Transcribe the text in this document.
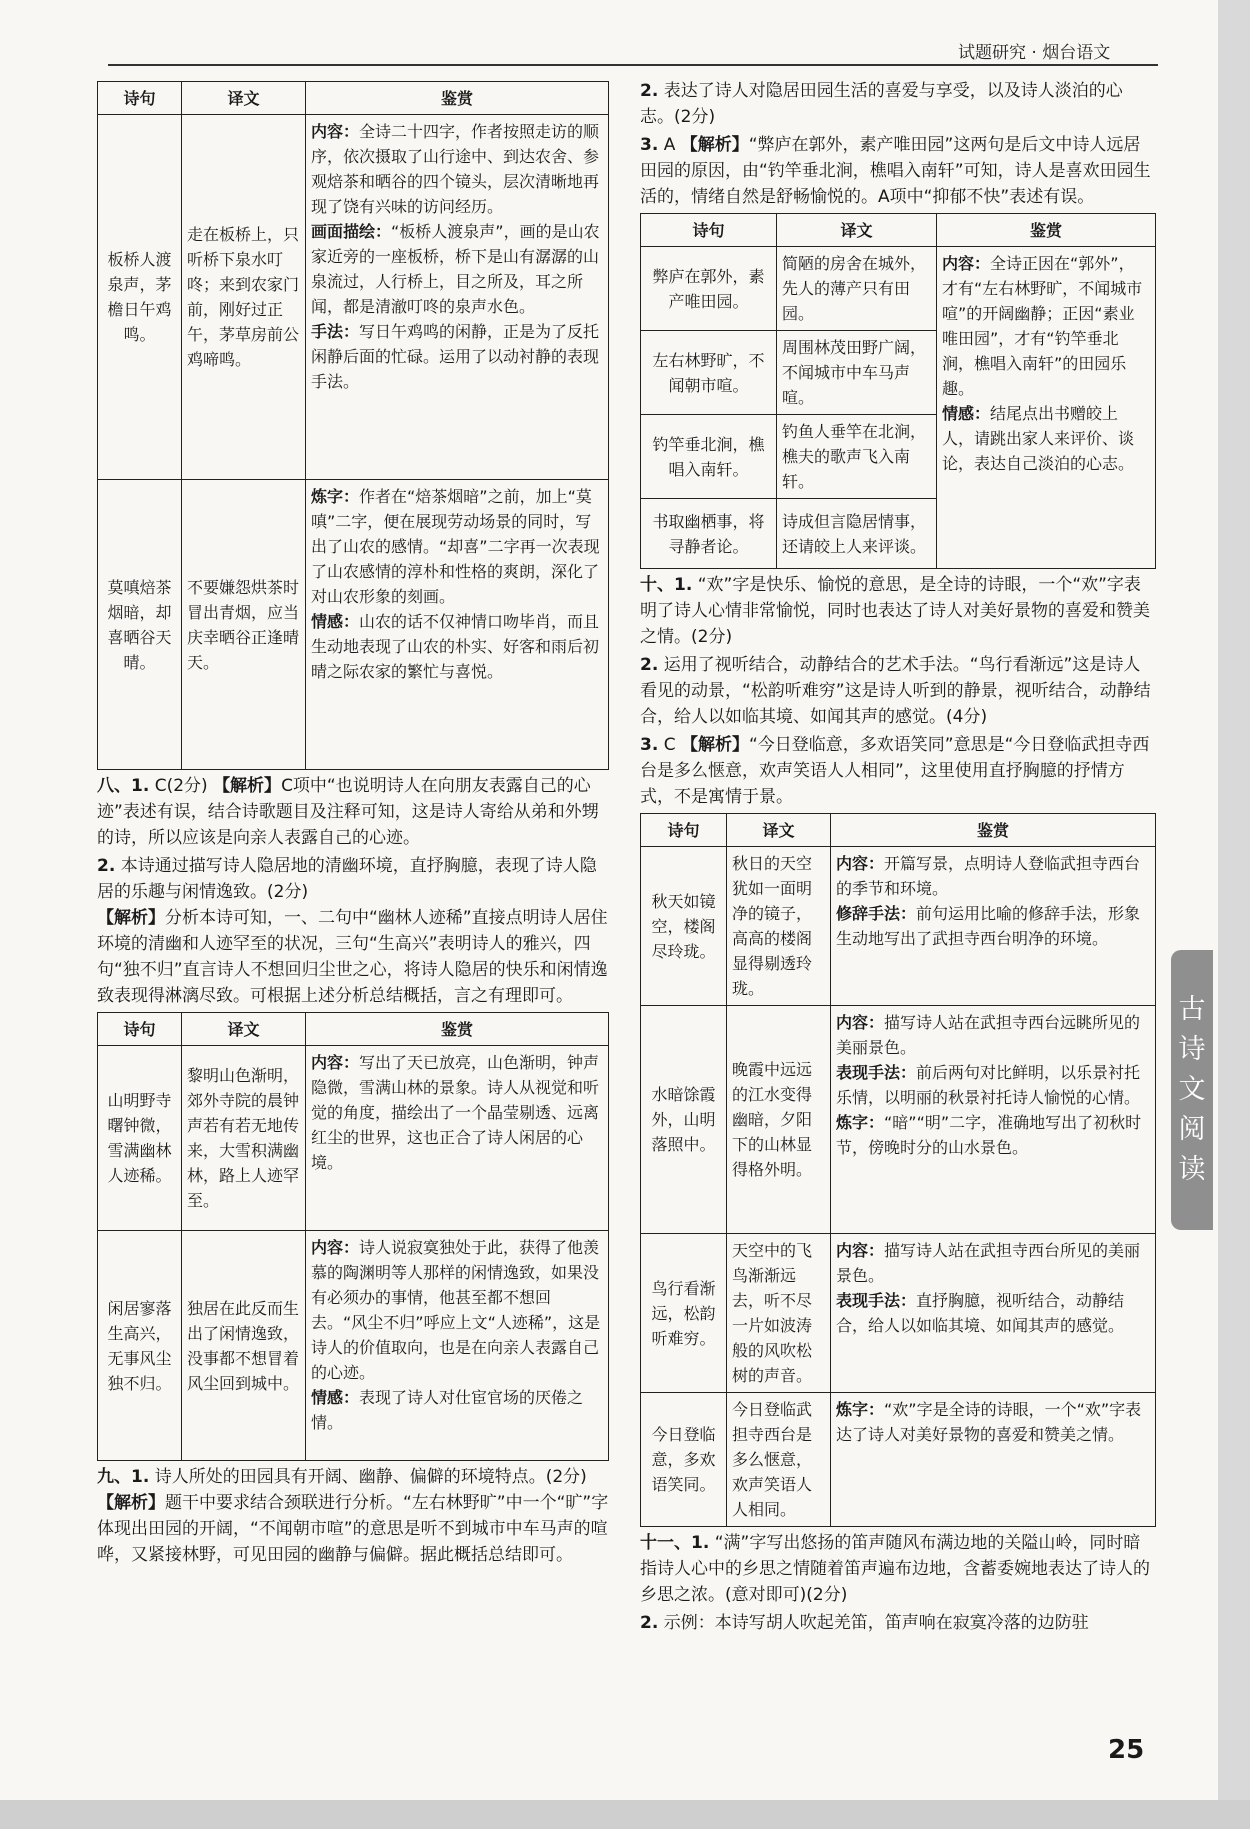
试题研究 · 烟台语文
诗句	译文	鉴赏
板桥人渡泉声，茅檐日午鸡鸣。	走在板桥上，只听桥下泉水叮咚；来到农家门前，刚好过正午，茅草房前公鸡啼鸣。	内容：全诗二十四字，作者按照走访的顺序，依次摄取了山行途中、到达农舍、参观焙茶和晒谷的四个镜头，层次清晰地再现了饶有兴味的访问经历。
画面描绘：“板桥人渡泉声”，画的是山农家近旁的一座板桥，桥下是山有潺潺的山泉流过，人行桥上，目之所及，耳之所闻，都是清澈叮咚的泉声水色。
手法：写日午鸡鸣的闲静，正是为了反托闲静后面的忙碌。运用了以动衬静的表现手法。
莫嗔焙茶烟暗，却喜晒谷天晴。	不要嫌怨烘茶时冒出青烟，应当庆幸晒谷正逢晴天。	炼字：作者在“焙茶烟暗”之前，加上“莫嗔”二字，便在展现劳动场景的同时，写出了山农的感情。“却喜”二字再一次表现了山农感情的淳朴和性格的爽朗，深化了对山农形象的刻画。
情感：山农的话不仅神情口吻毕肖，而且生动地表现了山农的朴实、好客和雨后初晴之际农家的繁忙与喜悦。

八、1. C(2分) 【解析】C项中“也说明诗人在向朋友表露自己的心迹”表述有误，结合诗歌题目及注释可知，这是诗人寄给从弟和外甥的诗，所以应该是向亲人表露自己的心迹。

2. 本诗通过描写诗人隐居地的清幽环境，直抒胸臆，表现了诗人隐居的乐趣与闲情逸致。(2分)
【解析】分析本诗可知，一、二句中“幽林人迹稀”直接点明诗人居住环境的清幽和人迹罕至的状况，三句“生高兴”表明诗人的雅兴，四句“独不归”直言诗人不想回归尘世之心，将诗人隐居的快乐和闲情逸致表现得淋漓尽致。可根据上述分析总结概括，言之有理即可。

诗句	译文	鉴赏
山明野寺曙钟微，雪满幽林人迹稀。	黎明山色渐明，郊外寺院的晨钟声若有若无地传来，大雪积满幽林，路上人迹罕至。	内容：写出了天已放亮，山色渐明，钟声隐微，雪满山林的景象。诗人从视觉和听觉的角度，描绘出了一个晶莹剔透、远离红尘的世界，这也正合了诗人闲居的心境。
闲居寥落生高兴，无事风尘独不归。	独居在此反而生出了闲情逸致，没事都不想冒着风尘回到城中。	内容：诗人说寂寞独处于此，获得了他羡慕的陶渊明等人那样的闲情逸致，如果没有必须办的事情，他甚至都不想回去。“风尘不归”呼应上文“人迹稀”，这是诗人的价值取向，也是在向亲人表露自己的心迹。
情感：表现了诗人对仕宦官场的厌倦之情。

九、1. 诗人所处的田园具有开阔、幽静、偏僻的环境特点。(2分)
【解析】题干中要求结合颈联进行分析。“左右林野旷”中一个“旷”字体现出田园的开阔，“不闻朝市喧”的意思是听不到城市中车马声的喧哗，又紧接林野，可见田园的幽静与偏僻。据此概括总结即可。

2. 表达了诗人对隐居田园生活的喜爱与享受，以及诗人淡泊的心志。(2分)

3. A 【解析】“弊庐在郭外，素产唯田园”这两句是后文中诗人远居田园的原因，由“钓竿垂北涧，樵唱入南轩”可知，诗人是喜欢田园生活的，情绪自然是舒畅愉悦的。A项中“抑郁不快”表述有误。

诗句	译文	鉴赏
弊庐在郭外，素产唯田园。	简陋的房舍在城外，先人的薄产只有田园。	内容：全诗正因在“郭外”，才有“左右林野旷，不闻城市喧”的开阔幽静；正因“素业唯田园”，才有“钓竿垂北涧，樵唱入南轩”的田园乐趣。
情感：结尾点出书赠皎上人，请跳出家人来评价、谈论，表达自己淡泊的心志。
左右林野旷，不闻朝市喧。	周围林茂田野广阔，不闻城市中车马声喧。	
钓竿垂北涧，樵唱入南轩。	钓鱼人垂竿在北涧，樵夫的歌声飞入南轩。	
书取幽栖事，将寻静者论。	诗成但言隐居情事，还请皎上人来评谈。	

十、1. “欢”字是快乐、愉悦的意思，是全诗的诗眼，一个“欢”字表明了诗人心情非常愉悦，同时也表达了诗人对美好景物的喜爱和赞美之情。(2分)

2. 运用了视听结合，动静结合的艺术手法。“鸟行看渐远”这是诗人看见的动景，“松韵听难穷”这是诗人听到的静景，视听结合，动静结合，给人以如临其境、如闻其声的感觉。(4分)

3. C 【解析】“今日登临意，多欢语笑同”意思是“今日登临武担寺西台是多么惬意，欢声笑语人人相同”，这里使用直抒胸臆的抒情方式，不是寓情于景。

诗句	译文	鉴赏
秋天如镜空，楼阁尽玲珑。	秋日的天空犹如一面明净的镜子，高高的楼阁显得剔透玲珑。	内容：开篇写景，点明诗人登临武担寺西台的季节和环境。
修辞手法：前句运用比喻的修辞手法，形象生动地写出了武担寺西台明净的环境。
水暗馀霞外，山明落照中。	晚霞中远远的江水变得幽暗，夕阳下的山林显得格外明。	内容：描写诗人站在武担寺西台远眺所见的美丽景色。
表现手法：前后两句对比鲜明，以乐景衬托乐情，以明丽的秋景衬托诗人愉悦的心情。
炼字：“暗”“明”二字，准确地写出了初秋时节，傍晚时分的山水景色。
鸟行看渐远，松韵听难穷。	天空中的飞鸟渐渐远去，听不尽一片如波涛般的风吹松树的声音。	内容：描写诗人站在武担寺西台所见的美丽景色。
表现手法：直抒胸臆，视听结合，动静结合，给人以如临其境、如闻其声的感觉。
今日登临意，多欢语笑同。	今日登临武担寺西台是多么惬意，欢声笑语人人相同。	炼字：“欢”字是全诗的诗眼，一个“欢”字表达了诗人对美好景物的喜爱和赞美之情。

十一、1. “满”字写出悠扬的笛声随风布满边地的关隘山岭，同时暗指诗人心中的乡思之情随着笛声遍布边地，含蓄委婉地表达了诗人的乡思之浓。(意对即可)(2分)

2. 示例：本诗写胡人吹起羌笛，笛声响在寂寞冷落的边防驻

古
诗
文
阅
读
25
